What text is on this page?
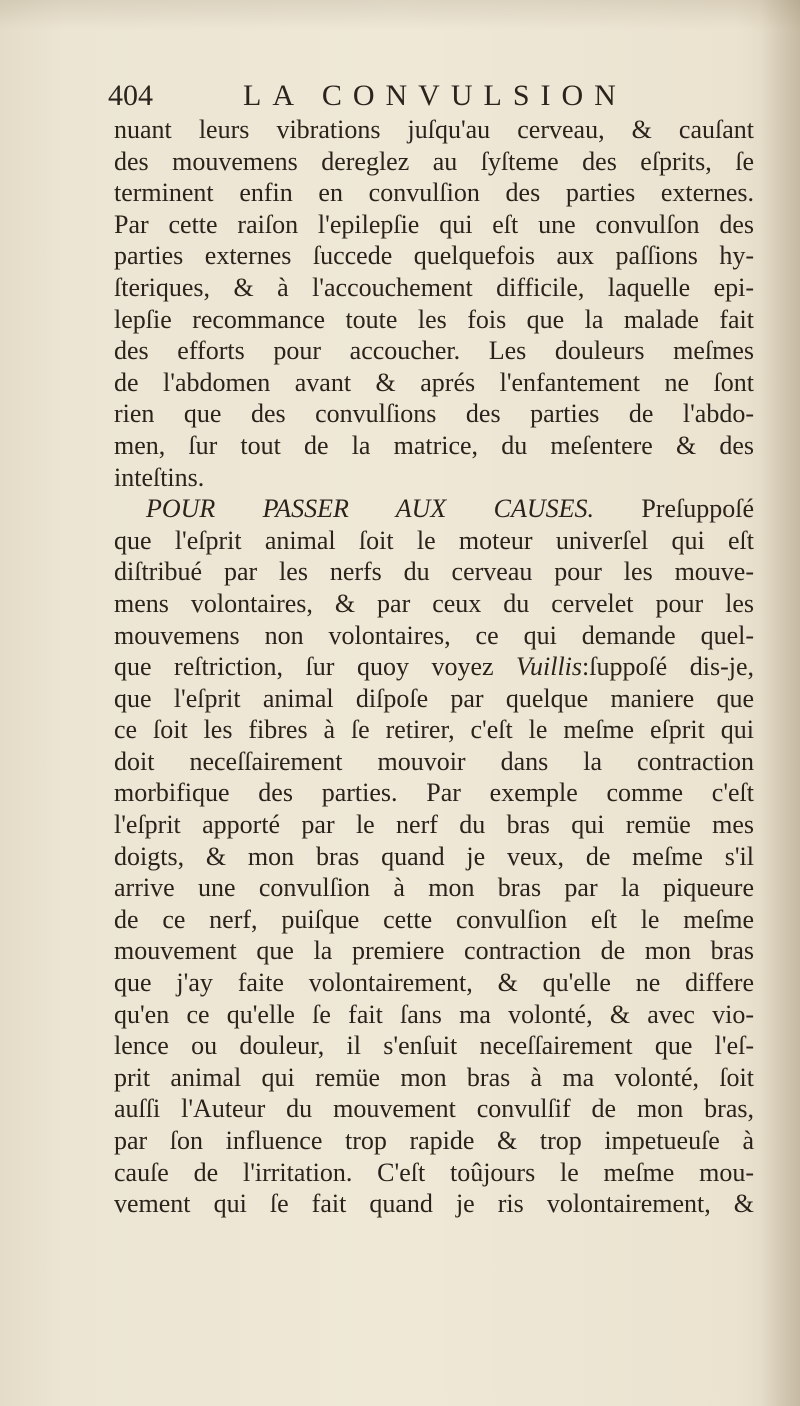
404	LA CONVULSION
nuant leurs vibrations juſqu'au cerveau, & cauſant
des mouvemens dereglez au ſyſteme des eſprits, ſe
terminent enfin en convulſion des parties externes.
Par cette raiſon l'epilepſie qui eſt une convulſon des
parties externes ſuccede quelquefois aux paſſions hy-
ſteriques, & à l'accouchement difficile, laquelle epi-
lepſie recommance toute les fois que la malade fait
des efforts pour accoucher. Les douleurs meſmes
de l'abdomen avant & aprés l'enfantement ne ſont
rien que des convulſions des parties de l'abdo-
men, ſur tout de la matrice, du meſentere & des
inteſtins.
POUR PASSER AUX CAUSES. Preſuppoſé
que l'eſprit animal ſoit le moteur univerſel qui eſt
diſtribué par les nerfs du cerveau pour les mouve-
mens volontaires, & par ceux du cervelet pour les
mouvemens non volontaires, ce qui demande quel-
que reſtriction, ſur quoy voyez Vuillis:ſuppoſé dis-je,
que l'eſprit animal diſpoſe par quelque maniere que
ce ſoit les fibres à ſe retirer, c'eſt le meſme eſprit qui
doit neceſſairement mouvoir dans la contraction
morbifique des parties. Par exemple comme c'eſt
l'eſprit apporté par le nerf du bras qui remüe mes
doigts, & mon bras quand je veux, de meſme s'il
arrive une convulſion à mon bras par la piqueure
de ce nerf, puiſque cette convulſion eſt le meſme
mouvement que la premiere contraction de mon bras
que j'ay faite volontairement, & qu'elle ne differe
qu'en ce qu'elle ſe fait ſans ma volonté, & avec vio-
lence ou douleur, il s'enſuit neceſſairement que l'eſ-
prit animal qui remüe mon bras à ma volonté, ſoit
auſſi l'Auteur du mouvement convulſif de mon bras,
par ſon influence trop rapide & trop impetueuſe à
cauſe de l'irritation. C'eſt toûjours le meſme mou-
vement qui ſe fait quand je ris volontairement, &
